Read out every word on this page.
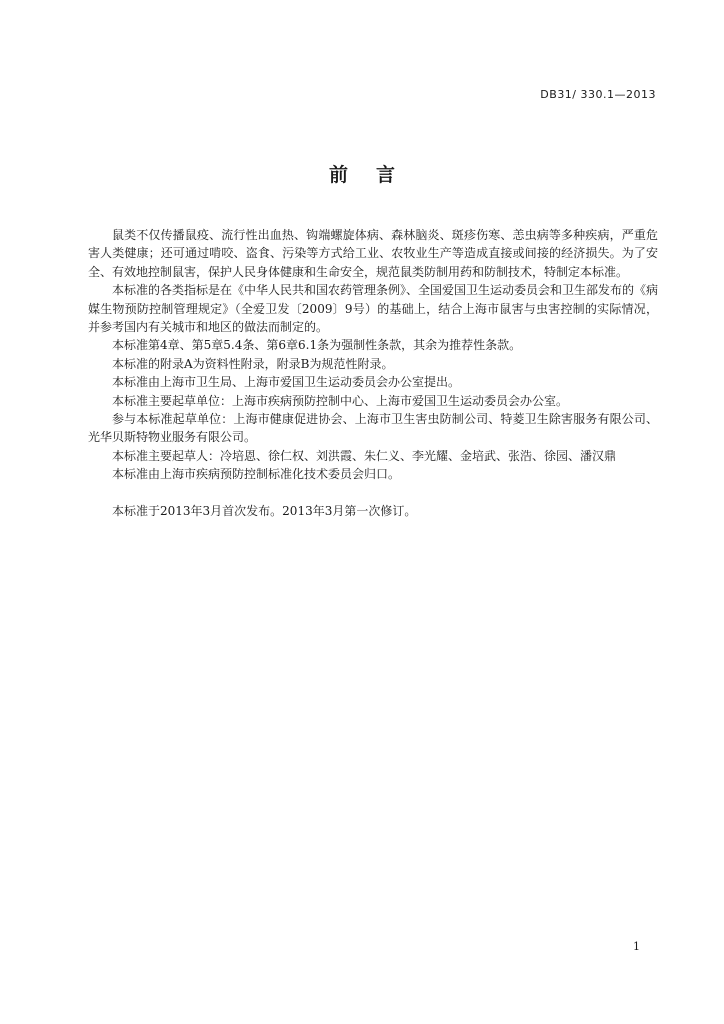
DB31/ 330.1—2013
前言

鼠类不仅传播鼠疫、流行性出血热、钩端螺旋体病、森林脑炎、斑疹伤寒、恙虫病等多种疾病，严重危害人类健康；还可通过啃咬、盗食、污染等方式给工业、农牧业生产等造成直接或间接的经济损失。为了安全、有效地控制鼠害，保护人民身体健康和生命安全，规范鼠类防制用药和防制技术，特制定本标准。

本标准的各类指标是在《中华人民共和国农药管理条例》、全国爱国卫生运动委员会和卫生部发布的《病媒生物预防控制管理规定》（全爱卫发〔2009〕9号）的基础上，结合上海市鼠害与虫害控制的实际情况，并参考国内有关城市和地区的做法而制定的。

本标准第4章、第5章5.4条、第6章6.1条为强制性条款，其余为推荐性条款。

本标准的附录A为资料性附录，附录B为规范性附录。

本标准由上海市卫生局、上海市爱国卫生运动委员会办公室提出。

本标准主要起草单位：上海市疾病预防控制中心、上海市爱国卫生运动委员会办公室。

参与本标准起草单位：上海市健康促进协会、上海市卫生害虫防制公司、特菱卫生除害服务有限公司、光华贝斯特物业服务有限公司。

本标准主要起草人：冷培恩、徐仁权、刘洪霞、朱仁义、李光耀、金培武、张浩、徐园、潘汉鼎

本标准由上海市疾病预防控制标准化技术委员会归口。

本标准于2013年3月首次发布。2013年3月第一次修订。

1
